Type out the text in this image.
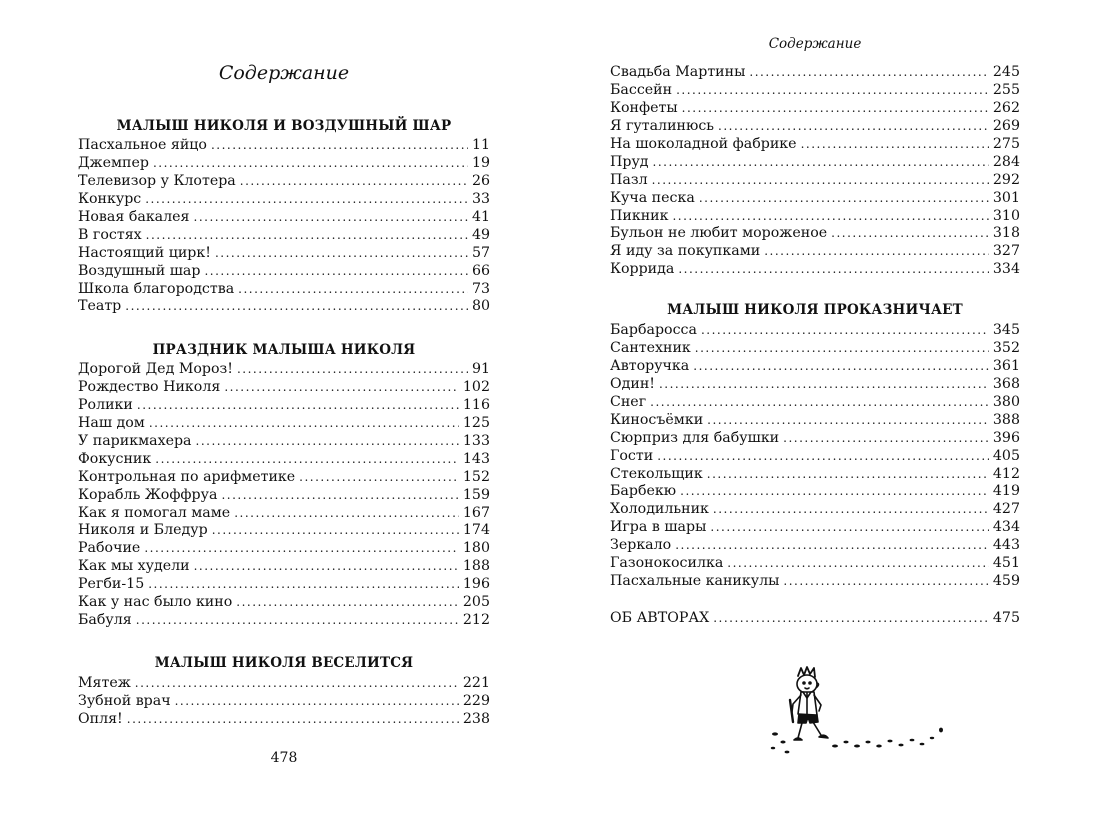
Содержание
МАЛЫШ НИКОЛЯ И ВОЗДУШНЫЙ ШАР
Пасхальное яйцо .....	11
Джемпер .....	19
Телевизор у Клотера .....	26
Конкурс .....	33
Новая бакалея .....	41
В гостях .....	49
Настоящий цирк! .....	57
Воздушный шар .....	66
Школа благородства .....	73
Театр .....	80
ПРАЗДНИК МАЛЫША НИКОЛЯ
Дорогой Дед Мороз! .....	91
Рождество Николя .....	102
Ролики .....	116
Наш дом .....	125
У парикмахера .....	133
Фокусник .....	143
Контрольная по арифметике .....	152
Корабль Жоффруа .....	159
Как я помогал маме .....	167
Николя и Бледур .....	174
Рабочие .....	180
Как мы худели .....	188
Регби-15 .....	196
Как у нас было кино .....	205
Бабуля .....	212
МАЛЫШ НИКОЛЯ ВЕСЕЛИТСЯ
Мятеж .....	221
Зубной врач .....	229
Опля! .....	238
478
Содержание
Свадьба Мартины .....	245
Бассейн .....	255
Конфеты .....	262
Я гуталинюсь .....	269
На шоколадной фабрике .....	275
Пруд .....	284
Пазл .....	292
Куча песка .....	301
Пикник .....	310
Бульон не любит мороженое .....	318
Я иду за покупками .....	327
Коррида .....	334
МАЛЫШ НИКОЛЯ ПРОКАЗНИЧАЕТ
Барбаросса .....	345
Сантехник .....	352
Авторучка .....	361
Один! .....	368
Снег .....	380
Киносъёмки .....	388
Сюрприз для бабушки .....	396
Гости .....	405
Стекольщик .....	412
Барбекю .....	419
Холодильник .....	427
Игра в шары .....	434
Зеркало .....	443
Газонокосилка .....	451
Пасхальные каникулы .....	459
ОБ АВТОРАХ .....	475
